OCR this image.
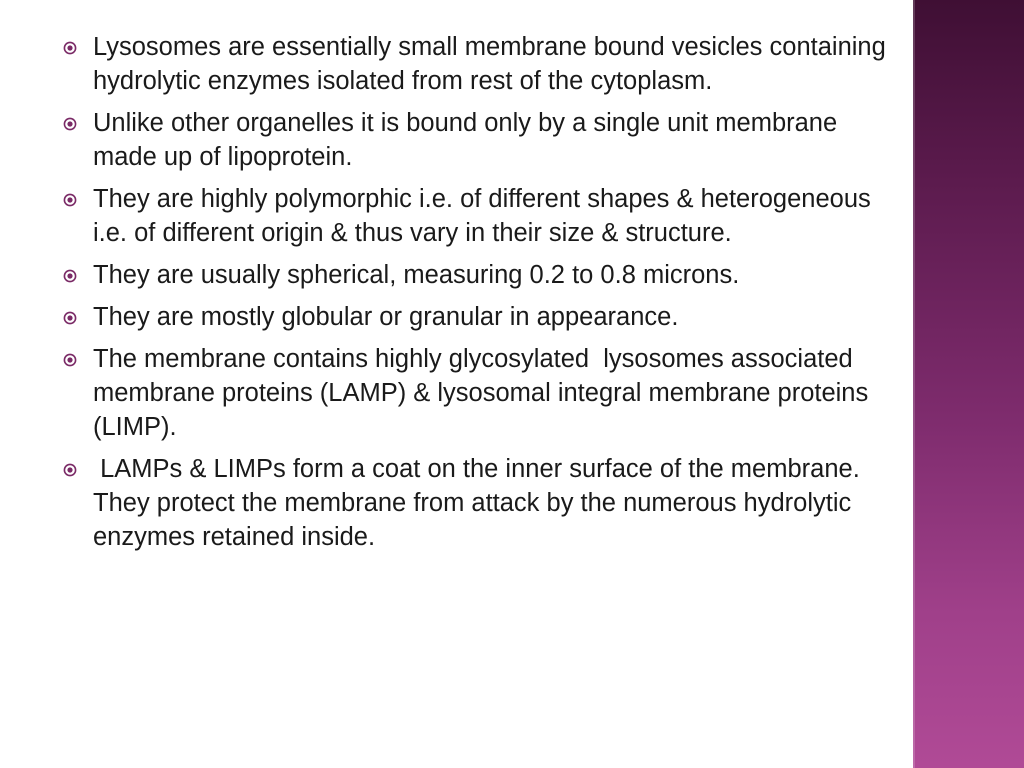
Lysosomes are essentially small membrane bound vesicles containing hydrolytic enzymes isolated from rest of the cytoplasm.
Unlike other organelles it is bound only by a single unit membrane made up of lipoprotein.
They are highly polymorphic i.e. of different shapes & heterogeneous i.e. of different origin & thus vary in their size & structure.
They are usually spherical, measuring 0.2 to 0.8 microns.
They are mostly globular or granular in appearance.
The membrane contains highly glycosylated  lysosomes associated membrane proteins (LAMP) & lysosomal integral membrane proteins (LIMP).
LAMPs & LIMPs form a coat on the inner surface of the membrane. They protect the membrane from attack by the numerous hydrolytic enzymes retained inside.
